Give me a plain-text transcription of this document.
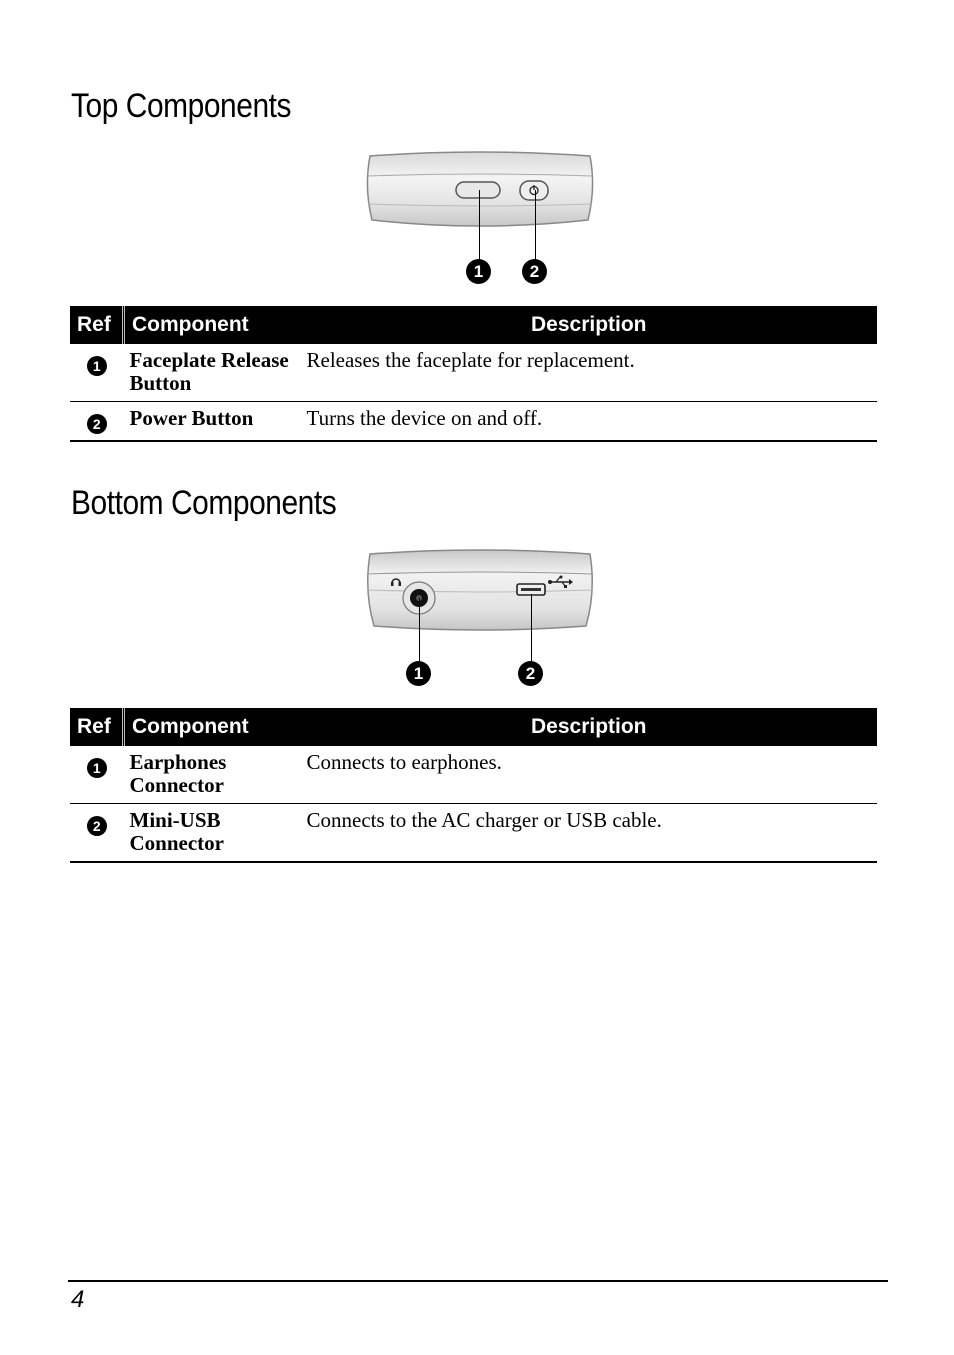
Top Components
1	2
Ref	Component	Description
1	Faceplate Release Button	Releases the faceplate for replacement.
2	Power Button	Turns the device on and off.
Bottom Components
1	2
Ref	Component	Description
1	Earphones Connector	Connects to earphones.
2	Mini-USB Connector	Connects to the AC charger or USB cable.
4
